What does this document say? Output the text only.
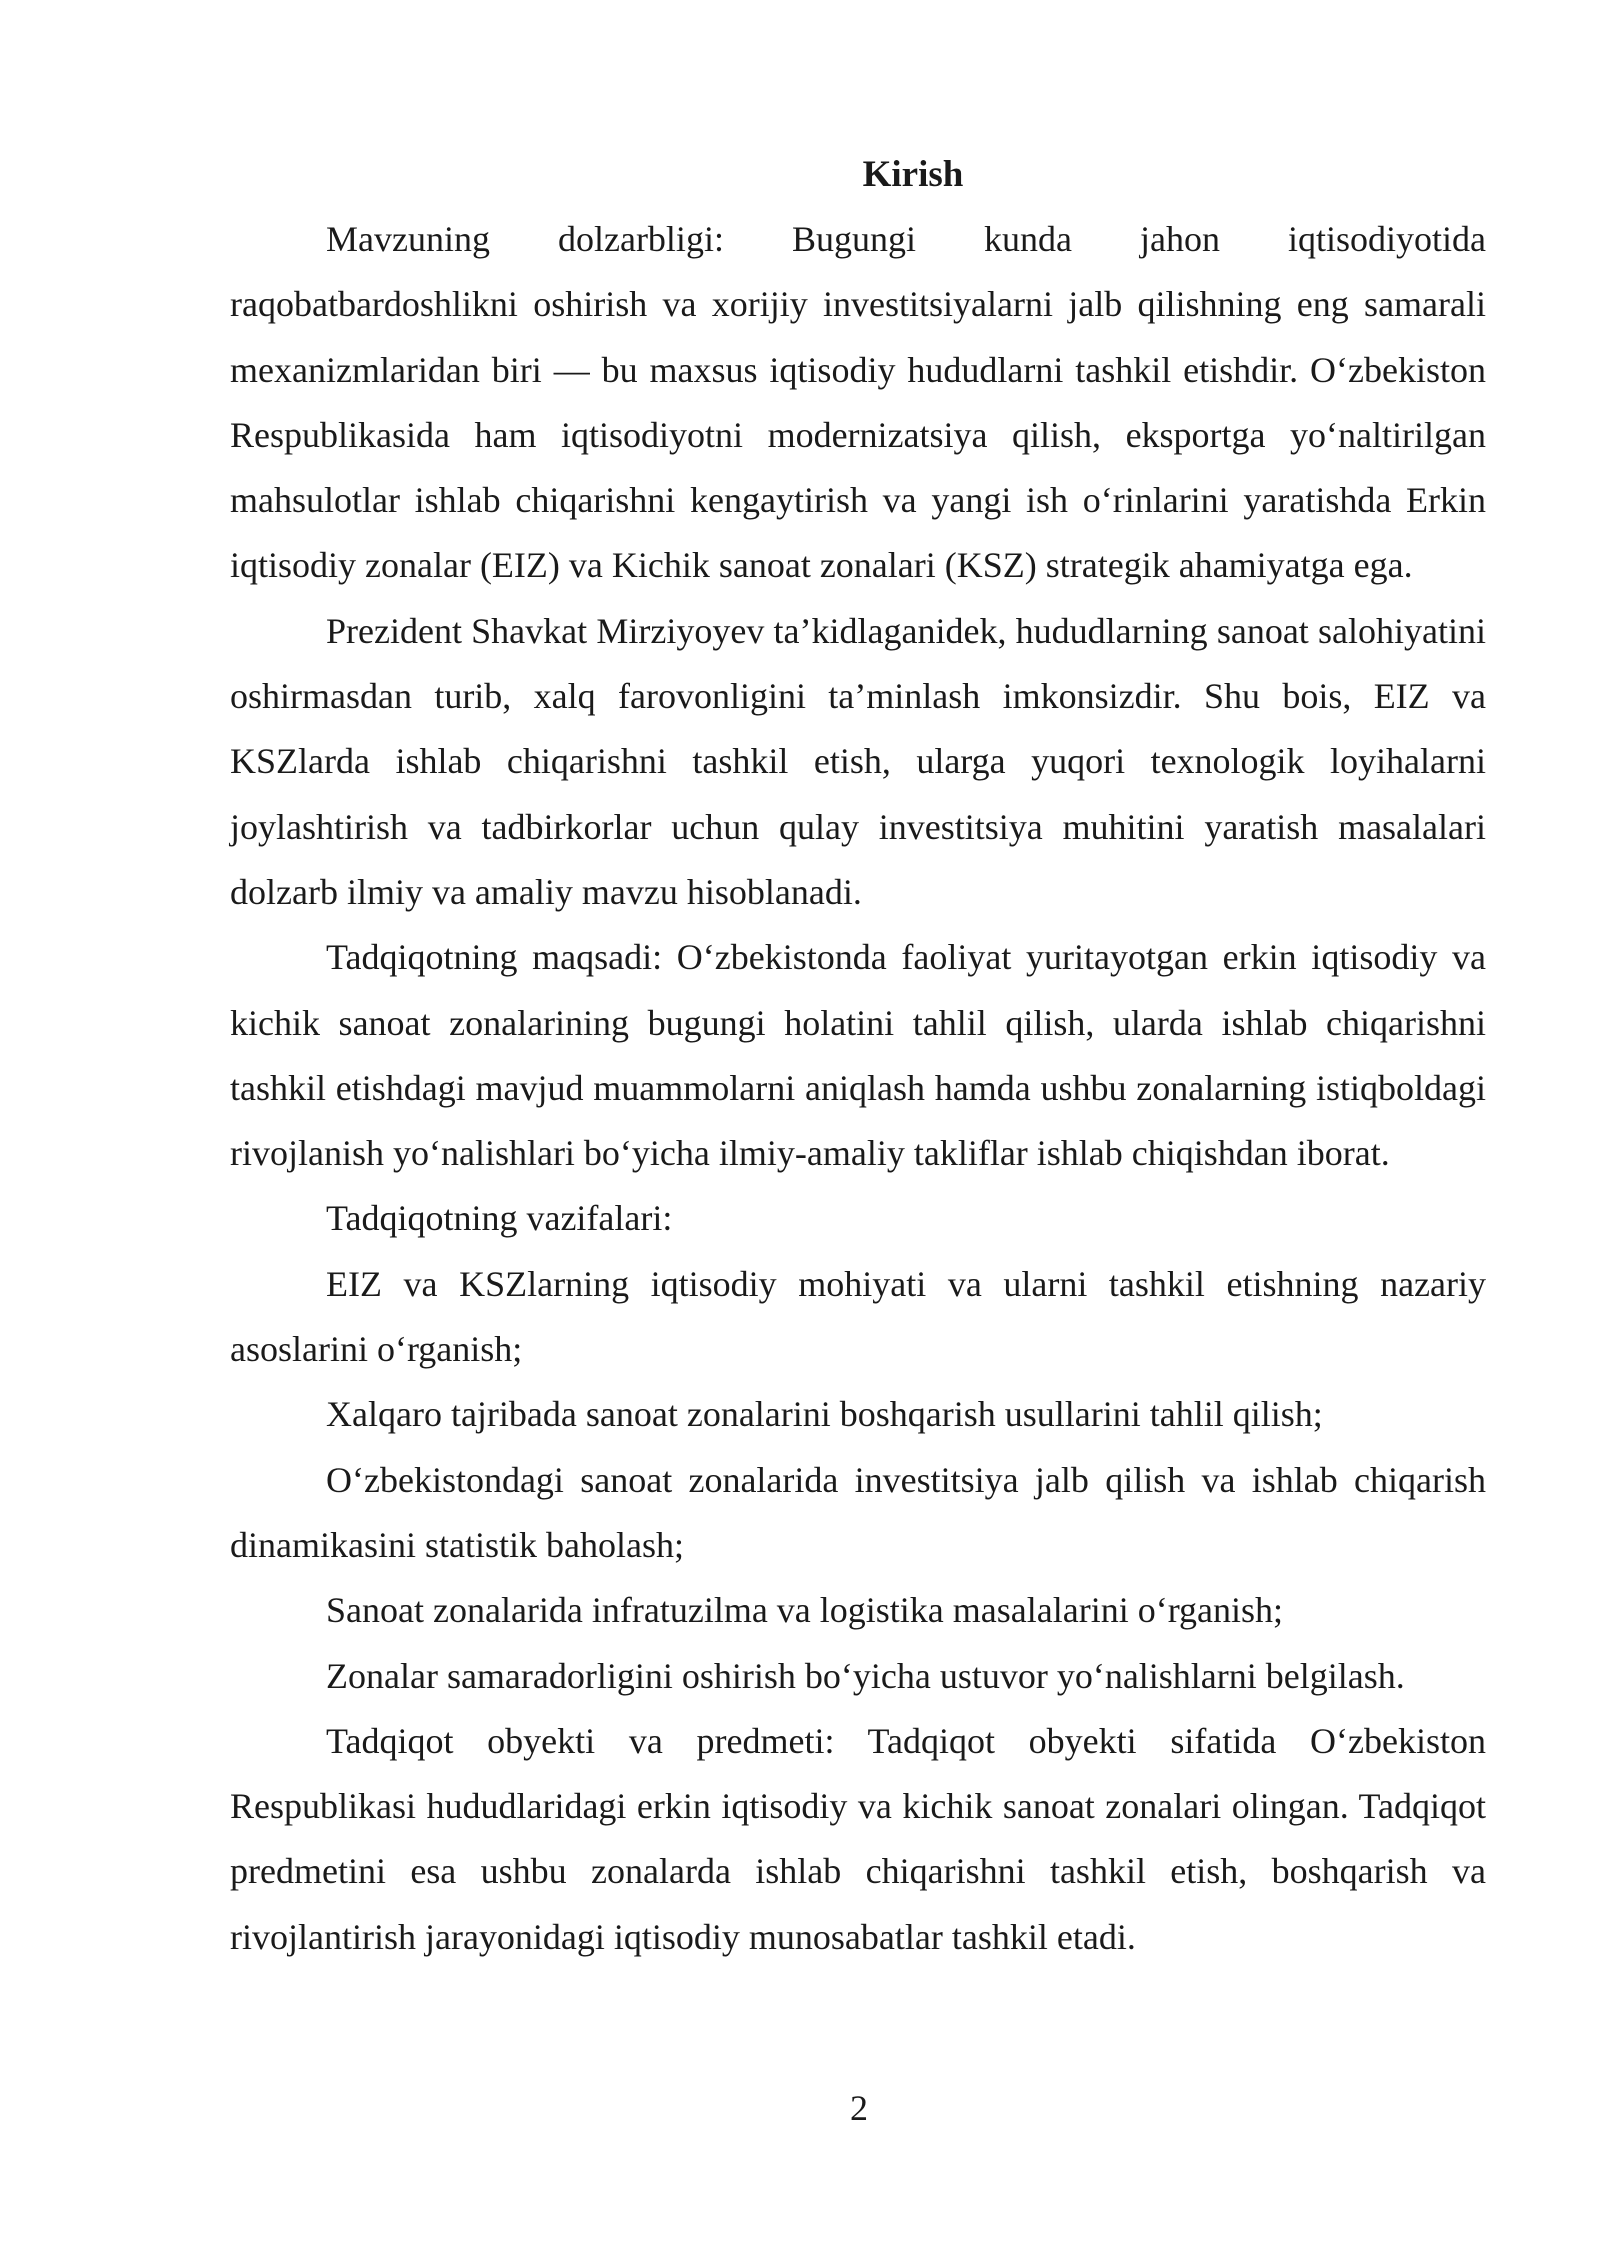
Kirish

Mavzuning dolzarbligi: Bugungi kunda jahon iqtisodiyotida raqobatbardoshlikni oshirish va xorijiy investitsiyalarni jalb qilishning eng samarali mexanizmlaridan biri — bu maxsus iqtisodiy hududlarni tashkil etishdir. O‘zbekiston Respublikasida ham iqtisodiyotni modernizatsiya qilish, eksportga yo‘naltirilgan mahsulotlar ishlab chiqarishni kengaytirish va yangi ish o‘rinlarini yaratishda Erkin iqtisodiy zonalar (EIZ) va Kichik sanoat zonalari (KSZ) strategik ahamiyatga ega.

Prezident Shavkat Mirziyoyev ta’kidlaganidek, hududlarning sanoat salohiyatini oshirmasdan turib, xalq farovonligini ta’minlash imkonsizdir. Shu bois, EIZ va KSZlarda ishlab chiqarishni tashkil etish, ularga yuqori texnologik loyihalarni joylashtirish va tadbirkorlar uchun qulay investitsiya muhitini yaratish masalalari dolzarb ilmiy va amaliy mavzu hisoblanadi.

Tadqiqotning maqsadi: O‘zbekistonda faoliyat yuritayotgan erkin iqtisodiy va kichik sanoat zonalarining bugungi holatini tahlil qilish, ularda ishlab chiqarishni tashkil etishdagi mavjud muammolarni aniqlash hamda ushbu zonalarning istiqboldagi rivojlanish yo‘nalishlari bo‘yicha ilmiy-amaliy takliflar ishlab chiqishdan iborat.

Tadqiqotning vazifalari:

EIZ va KSZlarning iqtisodiy mohiyati va ularni tashkil etishning nazariy asoslarini o‘rganish;

Xalqaro tajribada sanoat zonalarini boshqarish usullarini tahlil qilish;

O‘zbekistondagi sanoat zonalarida investitsiya jalb qilish va ishlab chiqarish dinamikasini statistik baholash;

Sanoat zonalarida infratuzilma va logistika masalalarini o‘rganish;

Zonalar samaradorligini oshirish bo‘yicha ustuvor yo‘nalishlarni belgilash.

Tadqiqot obyekti va predmeti: Tadqiqot obyekti sifatida O‘zbekiston Respublikasi hududlaridagi erkin iqtisodiy va kichik sanoat zonalari olingan. Tadqiqot predmetini esa ushbu zonalarda ishlab chiqarishni tashkil etish, boshqarish va rivojlantirish jarayonidagi iqtisodiy munosabatlar tashkil etadi.

2
